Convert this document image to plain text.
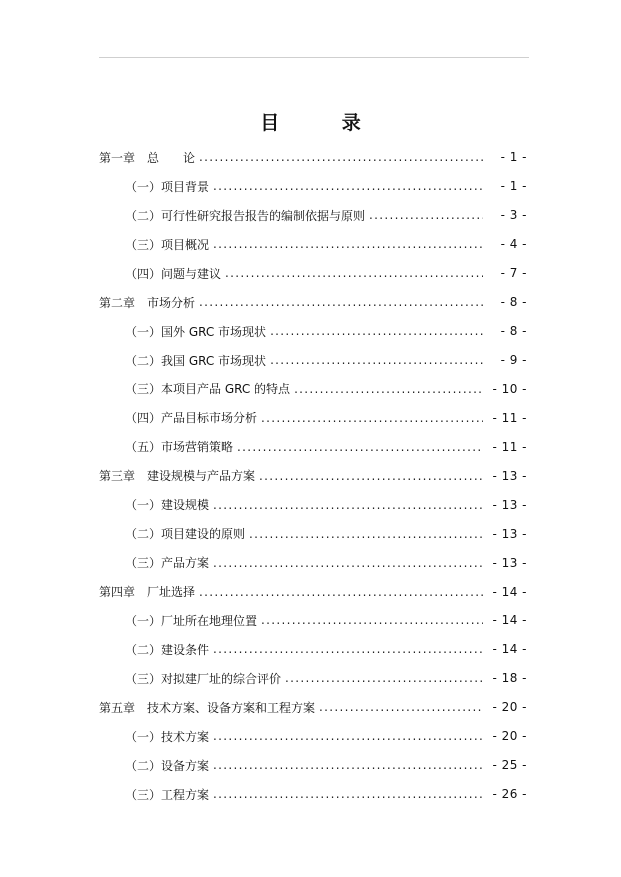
目 录
第一章　总　　论 .....	- 1 -
（一）项目背景 .....	- 1 -
（二）可行性研究报告报告的编制依据与原则 .....	- 3 -
（三）项目概况 .....	- 4 -
（四）问题与建议 .....	- 7 -
第二章　市场分析 .....	- 8 -
（一）国外 GRC 市场现状 .....	- 8 -
（二）我国 GRC 市场现状 .....	- 9 -
（三）本项目产品 GRC 的特点 .....	- 10 -
（四）产品目标市场分析 .....	- 11 -
（五）市场营销策略 .....	- 11 -
第三章　建设规模与产品方案 .....	- 13 -
（一）建设规模 .....	- 13 -
（二）项目建设的原则 .....	- 13 -
（三）产品方案 .....	- 13 -
第四章　厂址选择 .....	- 14 -
（一）厂址所在地理位置 .....	- 14 -
（二）建设条件 .....	- 14 -
（三）对拟建厂址的综合评价 .....	- 18 -
第五章　技术方案、设备方案和工程方案 .....	- 20 -
（一）技术方案 .....	- 20 -
（二）设备方案 .....	- 25 -
（三）工程方案 .....	- 26 -
